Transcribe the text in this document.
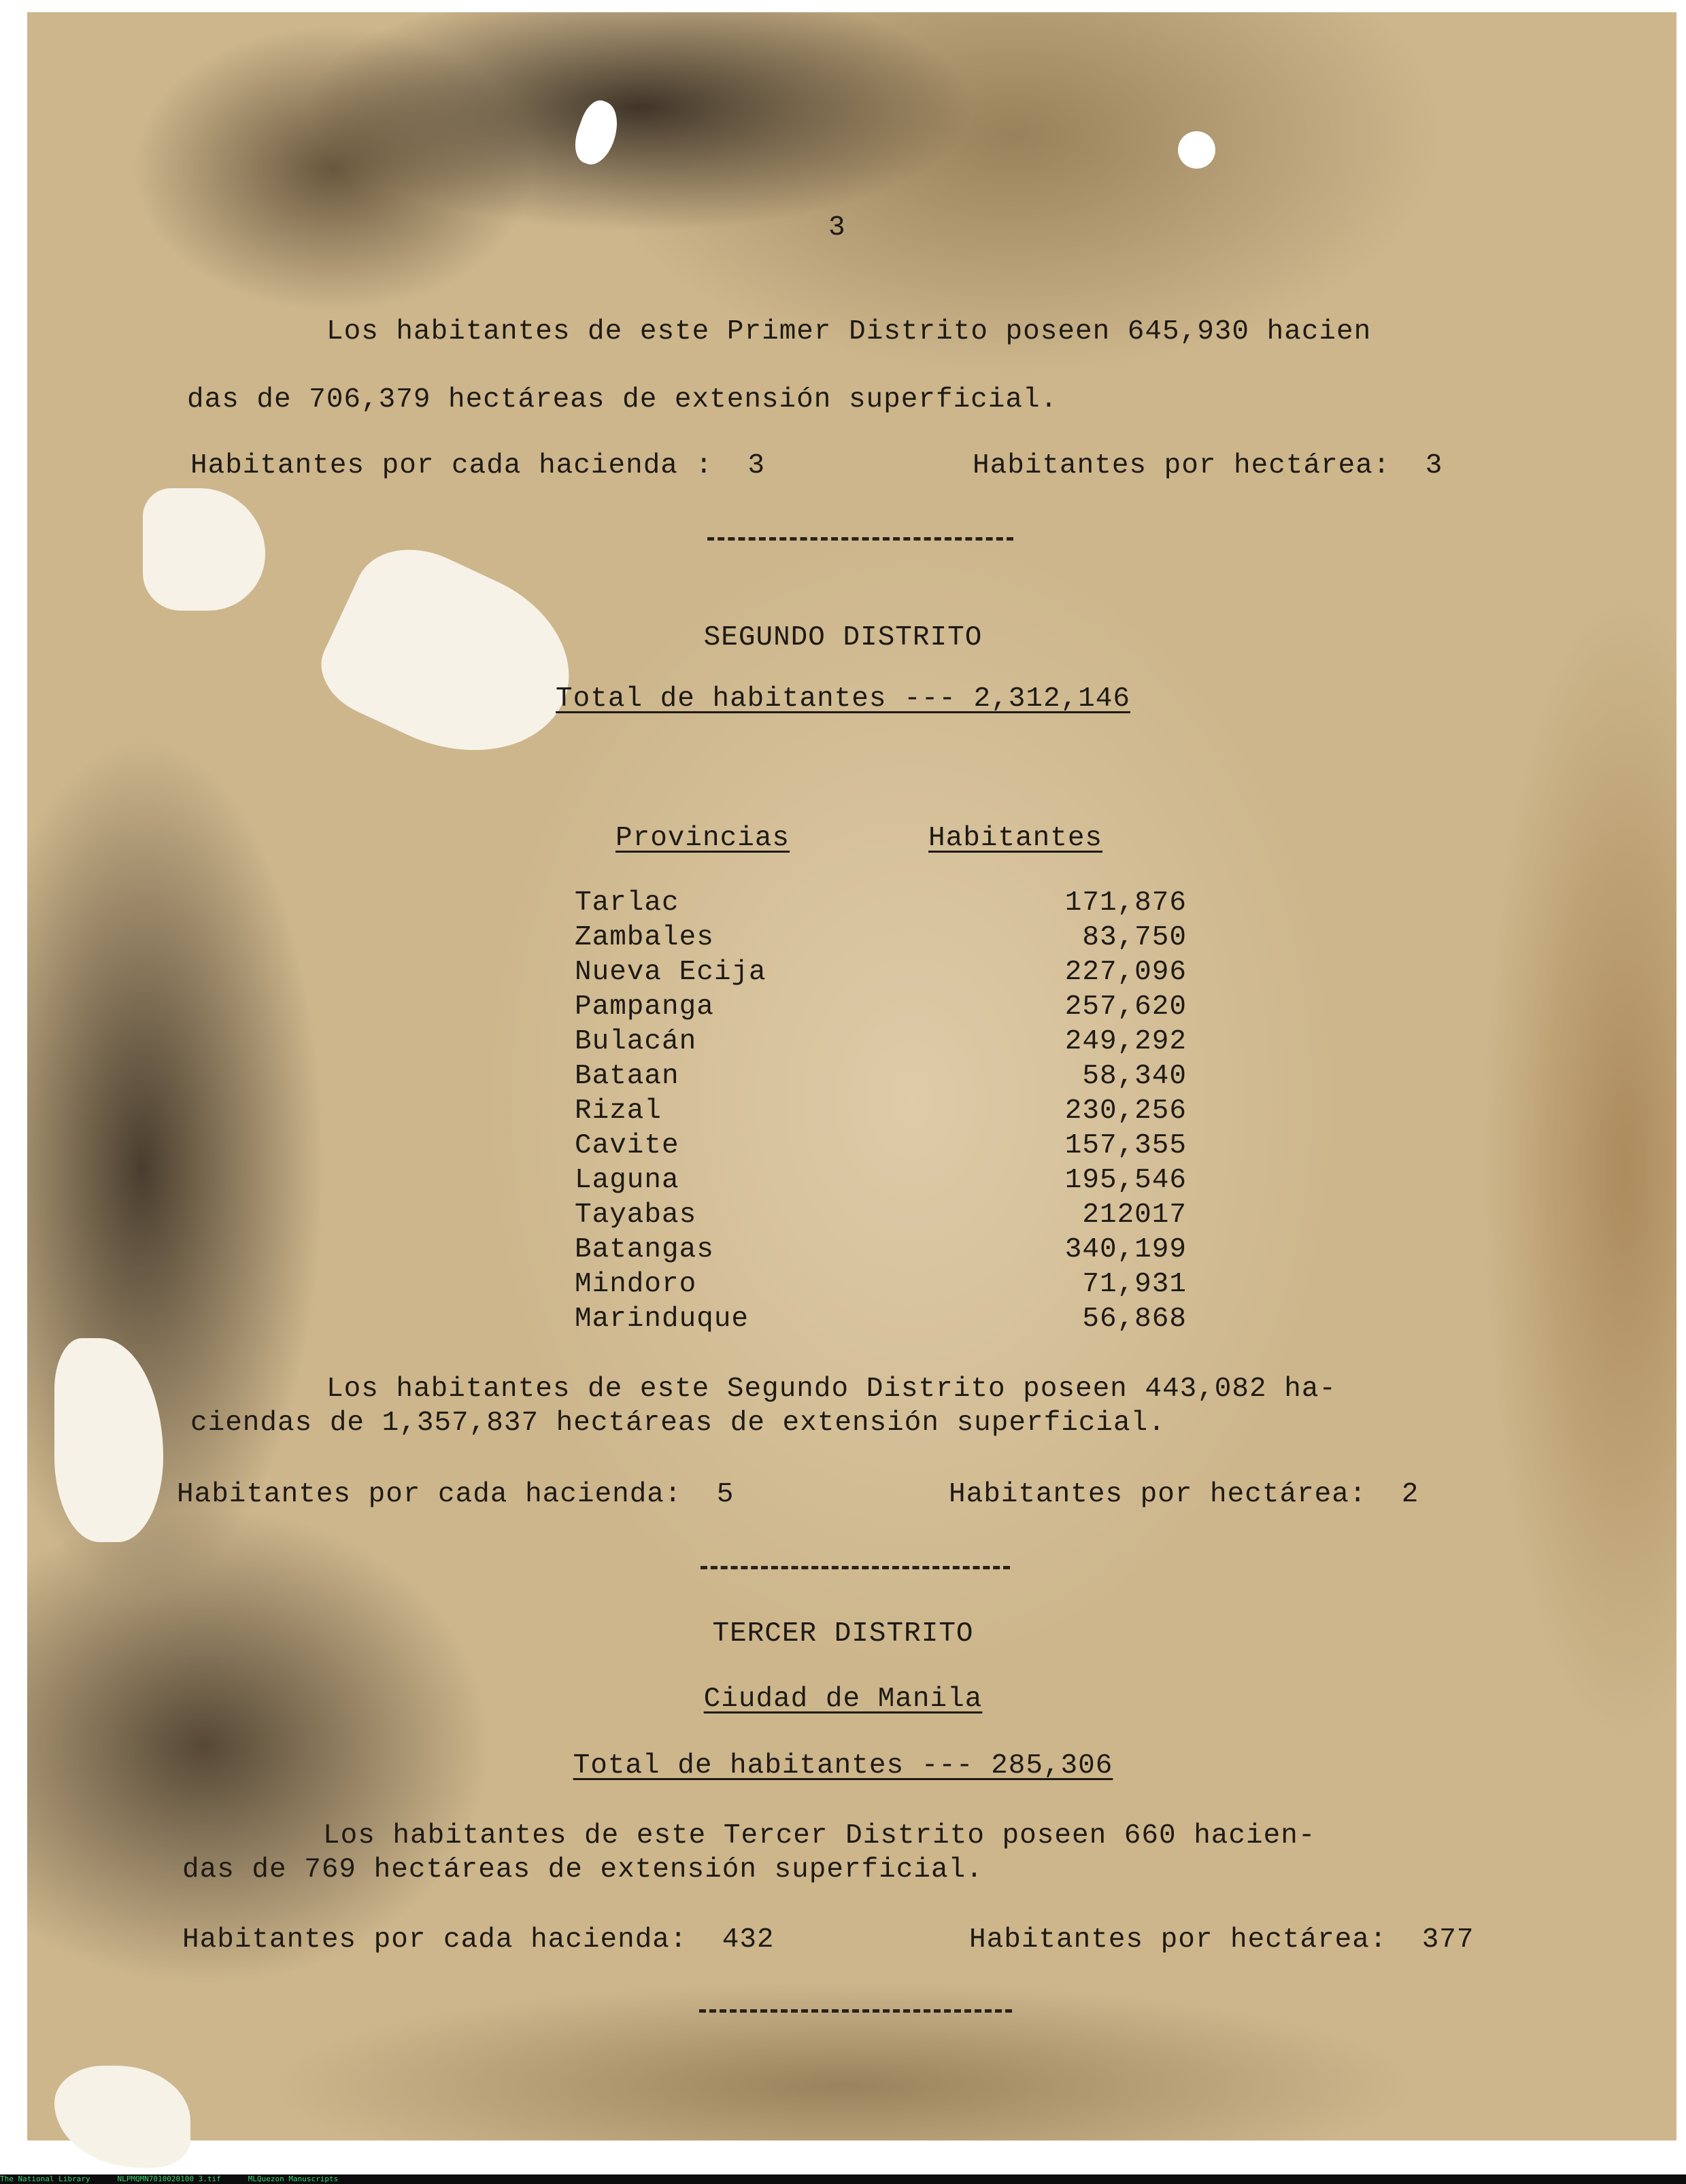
3
Los habitantes de este Primer Distrito poseen 645,930 hacien
das de 706,379 hectáreas de extensión superficial.
Habitantes por cada hacienda :  3	Habitantes por hectárea:  3
SEGUNDO DISTRITO
Total de habitantes --- 2,312,146
Provincias	Habitantes
Tarlac	171,876
Zambales	83,750
Nueva Ecija	227,096
Pampanga	257,620
Bulacán	249,292
Bataan	58,340
Rizal	230,256
Cavite	157,355
Laguna	195,546
Tayabas	212017
Batangas	340,199
Mindoro	71,931
Marinduque	56,868
Los habitantes de este Segundo Distrito poseen 443,082 ha-
ciendas de 1,357,837 hectáreas de extensión superficial.
Habitantes por cada hacienda:  5	Habitantes por hectárea:  2
TERCER DISTRITO
Ciudad de Manila
Total de habitantes --- 285,306
Los habitantes de este Tercer Distrito poseen 660 hacien-
das de 769 hectáreas de extensión superficial.
Habitantes por cada hacienda:  432	Habitantes por hectárea:  377
The National Library	NLPMQMN7010020100 3.tif	MLQuezon Manuscripts
